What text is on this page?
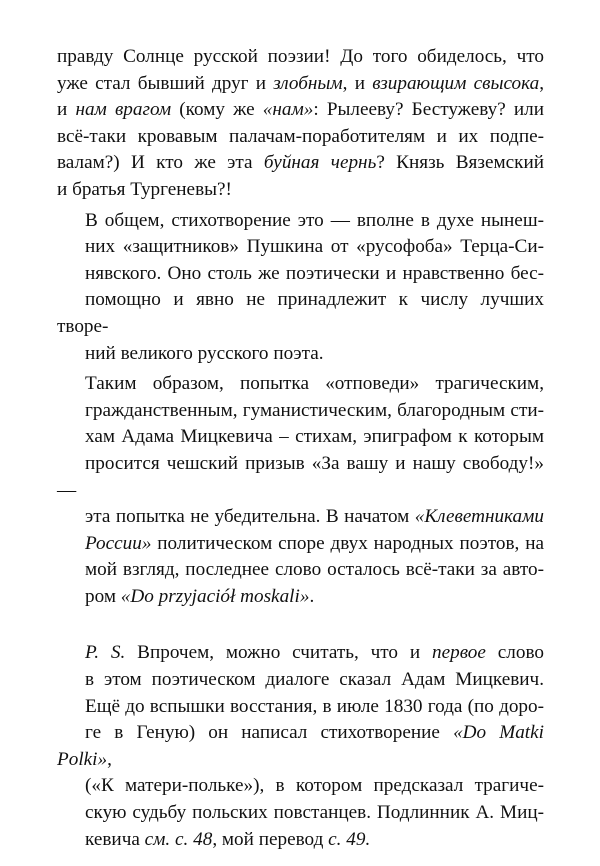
правду Солнце русской поэзии! До того обиделось, что
уже стал бывший друг и злобным, и взирающим свысока,
и нам врагом (кому же «нам»: Рылееву? Бестужеву? или
всё-таки кровавым палачам-поработителям и их подпе-
валам?) И кто же эта буйная чернь? Князь Вяземский
и братья Тургеневы?!

В общем, стихотворение это — вполне в духе нынеш-
них «защитников» Пушкина от «русофоба» Терца-Си-
нявского. Оно столь же поэтически и нравственно бес-
помощно и явно не принадлежит к числу лучших творе-
ний великого русского поэта.

Таким образом, попытка «отповеди» трагическим,
гражданственным, гуманистическим, благородным сти-
хам Адама Мицкевича – стихам, эпиграфом к которым
просится чешский призыв «За вашу и нашу свободу!» —
эта попытка не убедительна. В начатом «Клеветниками
России» политическом споре двух народных поэтов, на
мой взгляд, последнее слово осталось всё-таки за авто-
ром «Do przyjaciół moskali».

P. S. Впрочем, можно считать, что и первое слово
в этом поэтическом диалоге сказал Адам Мицкевич.
Ещё до вспышки восстания, в июле 1830 года (по доро-
ге в Геную) он написал стихотворение «Do Matki Polki»,
(«К матери-польке»), в котором предсказал трагиче-
скую судьбу польских повстанцев. Подлинник А. Миц-
кевича см. с. 48, мой перевод с. 49.
